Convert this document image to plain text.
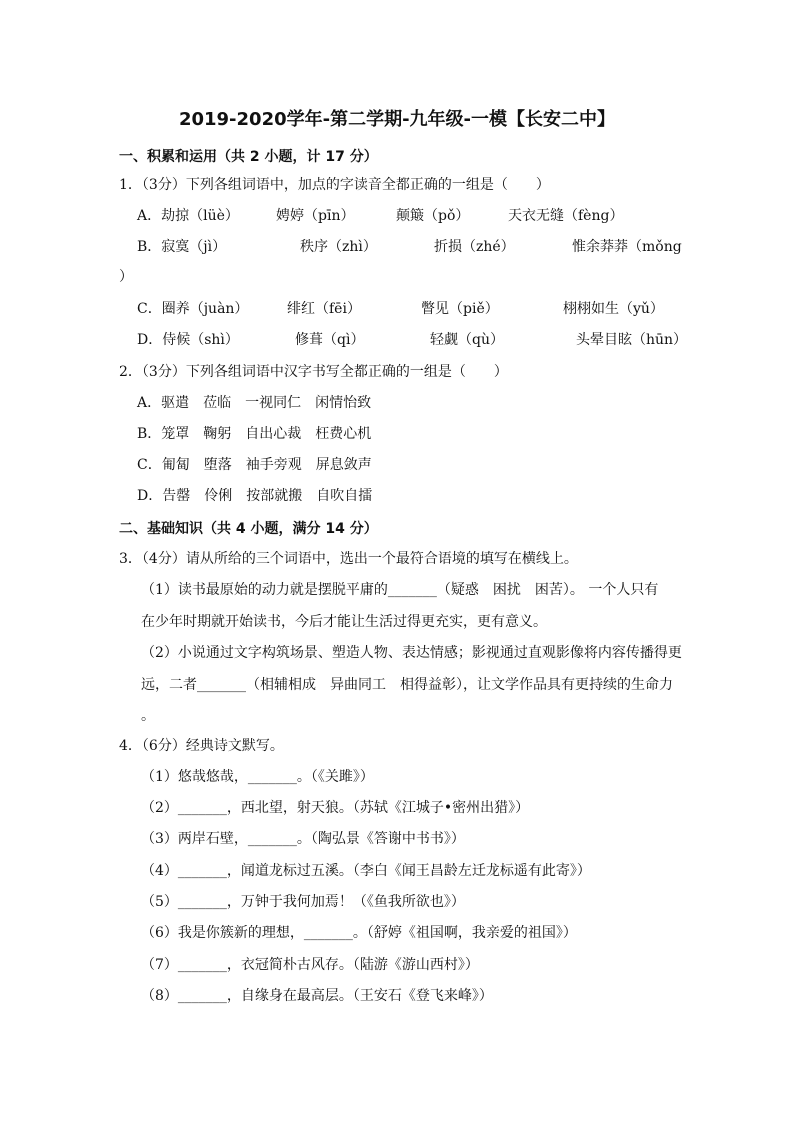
2019-2020学年-第二学期-九年级-一模【长安二中】
一、积累和运用（共 2 小题，计 17 分）
1．（3分）下列各组词语中，加点的字读音全都正确的一组是（　　）
A．劫掠（lüè）	娉婷（pīn）	颠簸（pǒ）	天衣无缝（fèng）
B．寂寞（jì）	秩序（zhì）	折损（zhé）	惟余莽莽（mǒng
）
C．圈养（juàn）	绯红（fēi）	瞥见（piě）	栩栩如生（yǔ）
D．侍候（shì）	修葺（qì）	轻觑（qù）	头晕目眩（hūn）
2．（3分）下列各组词语中汉字书写全都正确的一组是（　　）
A．驱遣　莅临　一视同仁　闲情怡致
B．笼罩　鞠躬　自出心裁　枉费心机
C．匍匐　堕落　袖手旁观　屏息敛声
D．告罄　伶俐　按部就搬　自吹自擂
二、基础知识（共 4 小题，满分 14 分）
3．（4分）请从所给的三个词语中，选出一个最符合语境的填写在横线上。
（1）读书最原始的动力就是摆脱平庸的_______（疑惑　困扰　困苦）。 一个人只有
在少年时期就开始读书，今后才能让生活过得更充实，更有意义。
（2）小说通过文字构筑场景、塑造人物、表达情感；影视通过直观影像将内容传播得更
远，二者_______（相辅相成　异曲同工　相得益彰），让文学作品具有更持续的生命力
。
4．（6分）经典诗文默写。
（1）悠哉悠哉，_______。（《关雎》）
（2）_______，西北望，射天狼。（苏轼《江城子•密州出猎》）
（3）两岸石壁，_______。（陶弘景《答谢中书书》）
（4）_______，闻道龙标过五溪。（李白《闻王昌龄左迁龙标遥有此寄》）
（5）_______，万钟于我何加焉！（《鱼我所欲也》）
（6）我是你簇新的理想，_______。（舒婷《祖国啊，我亲爱的祖国》）
（7）_______，衣冠简朴古风存。（陆游《游山西村》）
（8）_______，自缘身在最高层。（王安石《登飞来峰》）
